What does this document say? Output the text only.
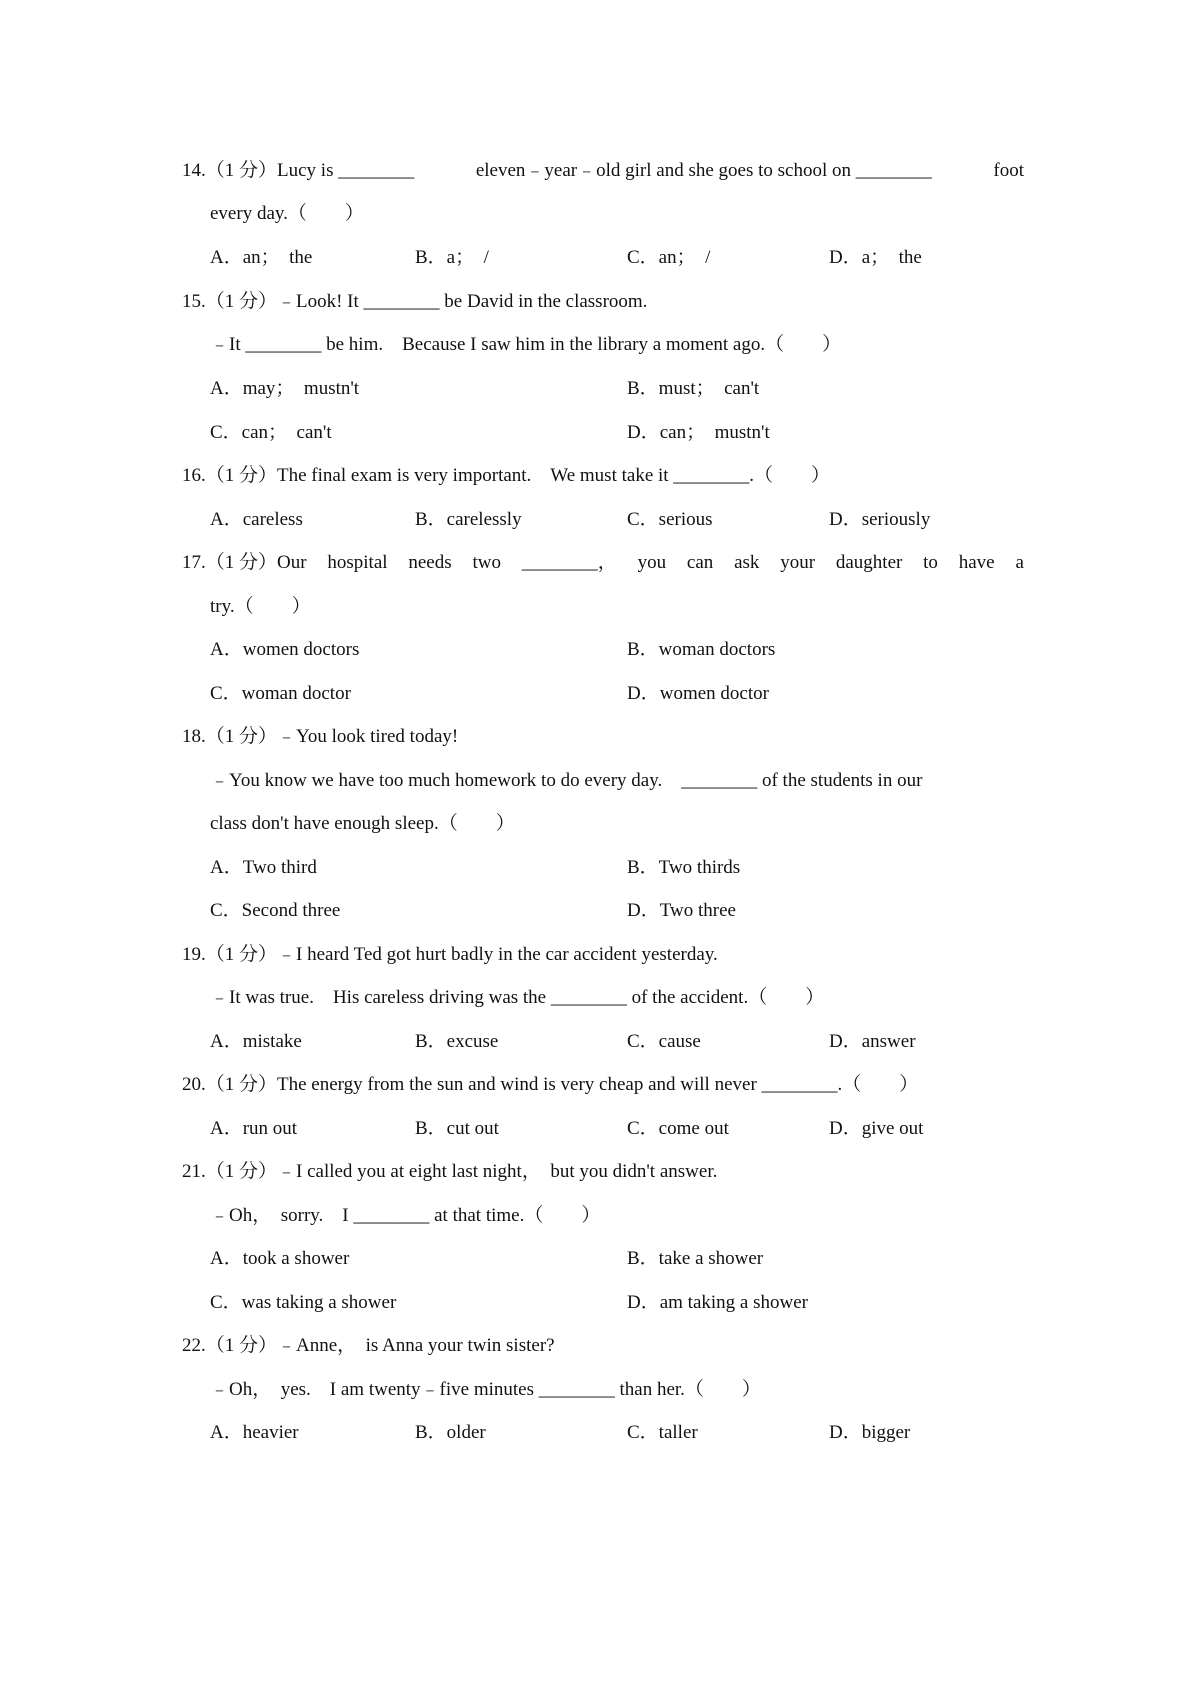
14.（1 分）Lucy is ________	eleven﹣year﹣old girl and she goes to school on ________	foot
every day.（　　）
A．an；　the	B．a；　/	C．an；　/	D．a；　the
15.（1 分）﹣Look! It ________ be David in the classroom.
﹣It ________ be him.　Because I saw him in the library a moment ago.（　　）
A．may；　mustn't	B．must；　can't
C．can；　can't	D．can；　mustn't
16.（1 分）The final exam is very important.　We must take it ________.（　　）
A．careless	B．carelessly	C．serious	D．seriously
17.（1 分）Our hospital needs two ________， you can ask your daughter to have a
try.（　　）
A．women doctors	B．woman doctors
C．woman doctor	D．women doctor
18.（1 分）﹣You look tired today!
﹣You know we have too much homework to do every day.　________ of the students in our
class don't have enough sleep.（　　）
A．Two third	B．Two thirds
C．Second three	D．Two three
19.（1 分）﹣I heard Ted got hurt badly in the car accident yesterday.
﹣It was true.　His careless driving was the ________ of the accident.（　　）
A．mistake	B．excuse	C．cause	D．answer
20.（1 分）The energy from the sun and wind is very cheap and will never ________.（　　）
A．run out	B．cut out	C．come out	D．give out
21.（1 分）﹣I called you at eight last night，　but you didn't answer.
﹣Oh，　sorry.　I ________ at that time.（　　）
A．took a shower	B．take a shower
C．was taking a shower	D．am taking a shower
22.（1 分）﹣Anne，　is Anna your twin sister?
﹣Oh，　yes.　I am twenty﹣five minutes ________ than her.（　　）
A．heavier	B．older	C．taller	D．bigger
